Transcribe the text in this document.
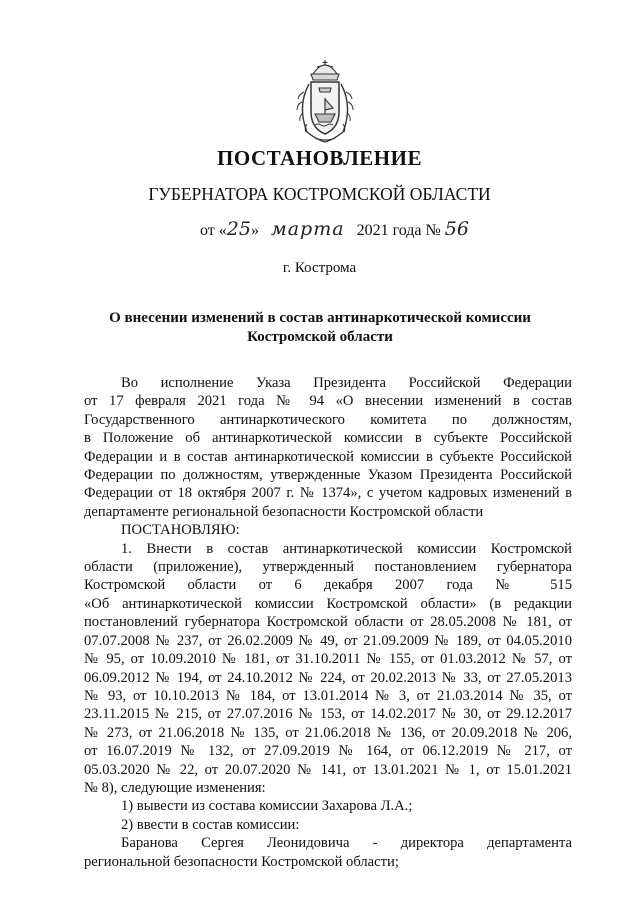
ПОСТАНОВЛЕНИЕ
ГУБЕРНАТОРА КОСТРОМСКОЙ ОБЛАСТИ
от «25» марта 2021 года № 56
г. Кострома
О внесении изменений в состав антинаркотической комиссии
Костромской области

Во исполнение Указа Президента Российской Федерации

от 17 февраля 2021 года № 94 «О внесении изменений в состав

Государственного антинаркотического комитета по должностям,

в Положение об антинаркотической комиссии в субъекте Российской

Федерации и в состав антинаркотической комиссии в субъекте Российской

Федерации по должностям, утвержденные Указом Президента Российской

Федерации от 18 октября 2007 г. № 1374», с учетом кадровых изменений в

департаменте региональной безопасности Костромской области

ПОСТАНОВЛЯЮ:

1. Внести в состав антинаркотической комиссии Костромской

области (приложение), утвержденный постановлением губернатора

Костромской области от 6 декабря 2007 года № 515

«Об антинаркотической комиссии Костромской области» (в редакции

постановлений губернатора Костромской области от 28.05.2008 № 181, от

07.07.2008 № 237, от 26.02.2009 № 49, от 21.09.2009 № 189, от 04.05.2010

№ 95, от 10.09.2010 № 181, от 31.10.2011 № 155, от 01.03.2012 № 57, от

06.09.2012 № 194, от 24.10.2012 № 224, от 20.02.2013 № 33, от 27.05.2013

№ 93, от 10.10.2013 № 184, от 13.01.2014 № 3, от 21.03.2014 № 35, от

23.11.2015 № 215, от 27.07.2016 № 153, от 14.02.2017 № 30, от 29.12.2017

№ 273, от 21.06.2018 № 135, от 21.06.2018 № 136, от 20.09.2018 № 206,

от 16.07.2019 № 132, от 27.09.2019 № 164, от 06.12.2019 № 217, от

05.03.2020 № 22, от 20.07.2020 № 141, от 13.01.2021 № 1, от 15.01.2021

№ 8), следующие изменения:

1) вывести из состава комиссии Захарова Л.А.;

2) ввести в состав комиссии:

Баранова Сергея Леонидовича - директора департамента

региональной безопасности Костромской области;
